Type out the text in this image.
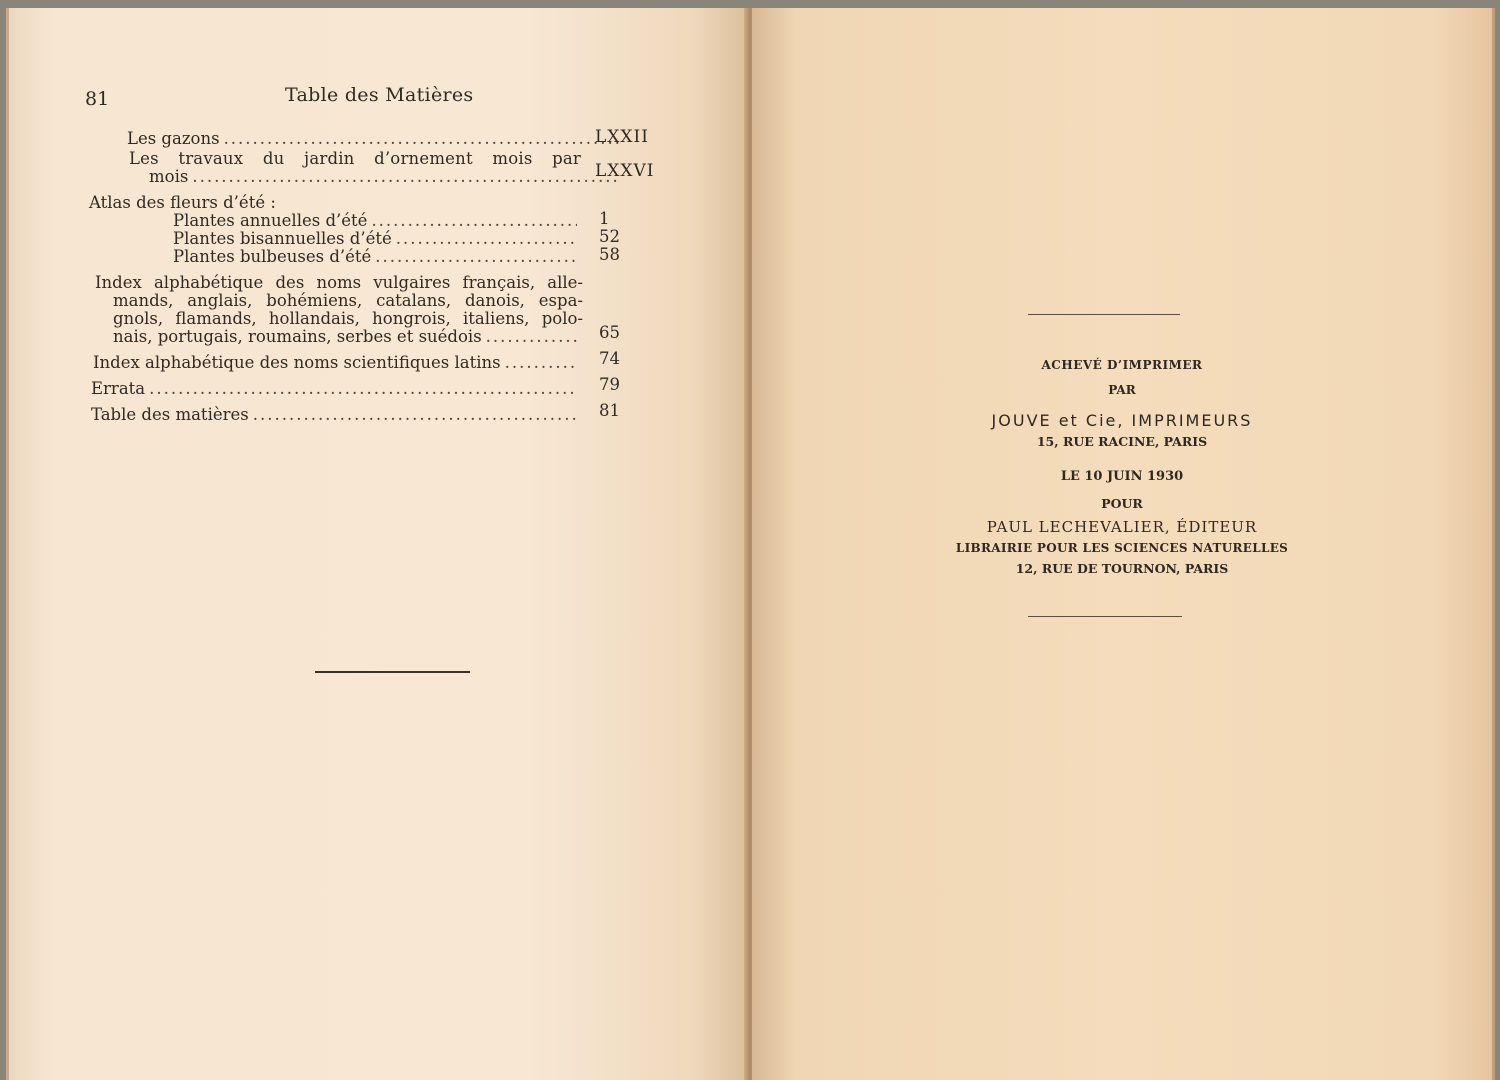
81	Table des Matières
Les gazons .....	LXXII
Les travaux du jardin d’ornement mois par
mois .....	LXXVI
Atlas des fleurs d’été :
Plantes annuelles d’été .....	1
Plantes bisannuelles d’été .....	52
Plantes bulbeuses d’été .....	58
Index alphabétique des noms vulgaires français, alle-
mands, anglais, bohémiens, catalans, danois, espa-
gnols, flamands, hollandais, hongrois, italiens, polo-
nais, portugais, roumains, serbes et suédois .....	65
Index alphabétique des noms scientifiques latins .....	74
Errata .....	79
Table des matières .....	81
ACHEVÉ D’IMPRIMER
PAR
JOUVE et Cie, IMPRIMEURS
15, RUE RACINE, PARIS
LE 10 JUIN 1930
POUR
PAUL LECHEVALIER, ÉDITEUR
LIBRAIRIE POUR LES SCIENCES NATURELLES
12, RUE DE TOURNON, PARIS
